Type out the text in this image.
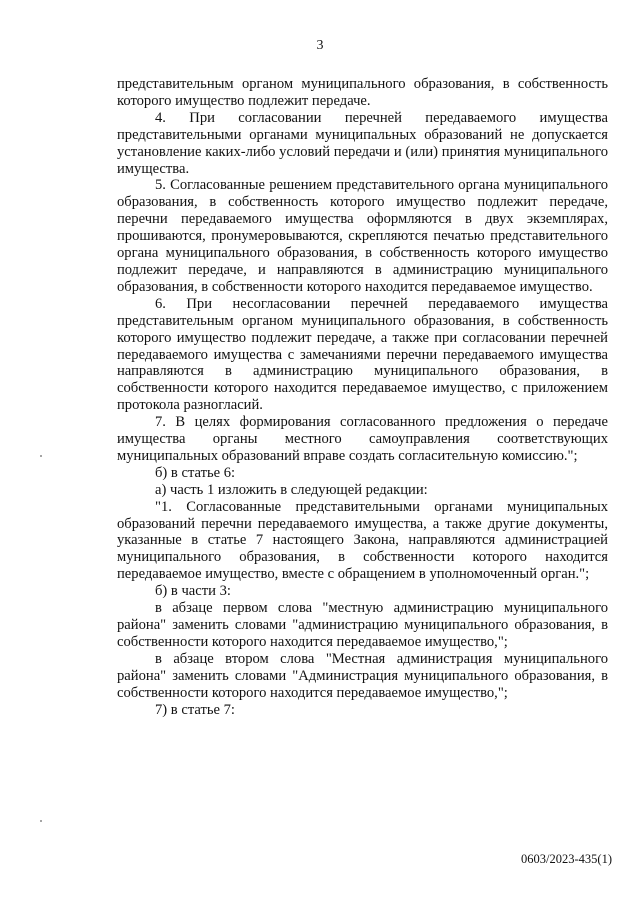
3

представительным органом муниципального образования, в собственность которого имущество подлежит передаче.

4. При согласовании перечней передаваемого имущества представительными органами муниципальных образований не допускается установление каких-либо условий передачи и (или) принятия муниципального имущества.

5. Согласованные решением представительного органа муниципального образования, в собственность которого имущество подлежит передаче, перечни передаваемого имущества оформляются в двух экземплярах, прошиваются, пронумеровываются, скрепляются печатью представительного органа муниципального образования, в собственность которого имущество подлежит передаче, и направляются в администрацию муниципального образования, в собственности которого находится передаваемое имущество.

6. При несогласовании перечней передаваемого имущества представительным органом муниципального образования, в собственность которого имущество подлежит передаче, а также при согласовании перечней передаваемого имущества с замечаниями перечни передаваемого имущества направляются в администрацию муниципального образования, в собственности которого находится передаваемое имущество, с приложением протокола разногласий.

7. В целях формирования согласованного предложения о передаче имущества органы местного самоуправления соответствующих муниципальных образований вправе создать согласительную комиссию.";

б) в статье 6:

а) часть 1 изложить в следующей редакции:

"1. Согласованные представительными органами муниципальных образований перечни передаваемого имущества, а также другие документы, указанные в статье 7 настоящего Закона, направляются администрацией муниципального образования, в собственности которого находится передаваемое имущество, вместе с обращением в уполномоченный орган.";

б) в части 3:

в абзаце первом слова "местную администрацию муниципального района" заменить словами "администрацию муниципального образования, в собственности которого находится передаваемое имущество,";

в абзаце втором слова "Местная администрация муниципального района" заменить словами "Администрация муниципального образования, в собственности которого находится передаваемое имущество,";

7) в статье 7:

0603/2023-435(1)
